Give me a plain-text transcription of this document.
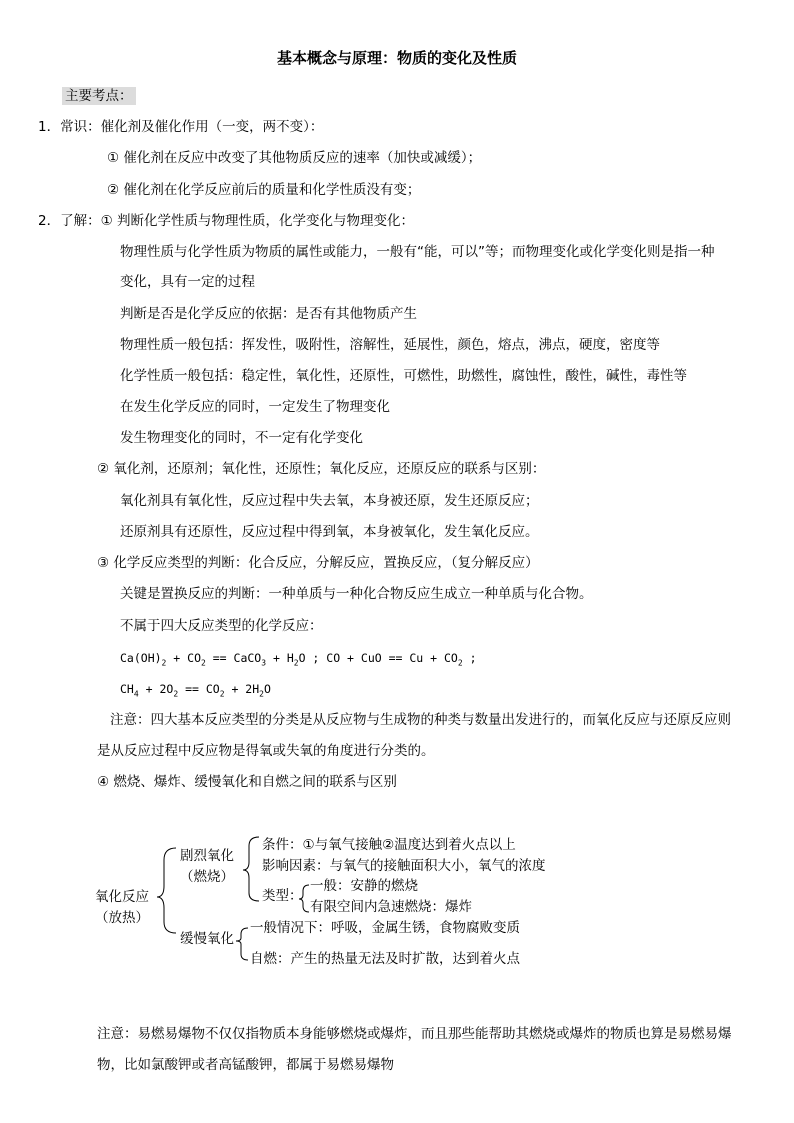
基本概念与原理：物质的变化及性质
主要考点：
1．常识：催化剂及催化作用（一变，两不变）：
① 催化剂在反应中改变了其他物质反应的速率（加快或减缓）；
② 催化剂在化学反应前后的质量和化学性质没有变；
2．了解：① 判断化学性质与物理性质，化学变化与物理变化：
物理性质与化学性质为物质的属性或能力，一般有“能，可以”等；而物理变化或化学变化则是指一种
变化，具有一定的过程
判断是否是化学反应的依据：是否有其他物质产生
物理性质一般包括：挥发性，吸附性，溶解性，延展性，颜色，熔点，沸点，硬度，密度等
化学性质一般包括：稳定性，氧化性，还原性，可燃性，助燃性，腐蚀性，酸性，碱性，毒性等
在发生化学反应的同时，一定发生了物理变化
发生物理变化的同时，不一定有化学变化
② 氧化剂，还原剂；氧化性，还原性；氧化反应，还原反应的联系与区别：
氧化剂具有氧化性，反应过程中失去氧，本身被还原，发生还原反应；
还原剂具有还原性，反应过程中得到氧，本身被氧化，发生氧化反应。
③ 化学反应类型的判断：化合反应，分解反应，置换反应，（复分解反应）
关键是置换反应的判断：一种单质与一种化合物反应生成立一种单质与化合物。
不属于四大反应类型的化学反应：
$Ca(OH)_2 + CO_2$ == CaCO$_3$ + $H_2O$ ; CO + CuO == $Cu + CO_2$ ;
$CH_4 + 2O_2 == CO_2 + 2H_2O$
注意：四大基本反应类型的分类是从反应物与生成物的种类与数量出发进行的，而氧化反应与还原反应则
是从反应过程中反应物是得氧或失氧的角度进行分类的。
④ 燃烧、爆炸、缓慢氧化和自燃之间的联系与区别
氧化反应
（放热）
剧烈氧化
（燃烧）
条件：①与氧气接触②温度达到着火点以上
影响因素：与氧气的接触面积大小，氧气的浓度
类型：
一般：安静的燃烧
有限空间内急速燃烧：爆炸
缓慢氧化
一般情况下：呼吸，金属生锈，食物腐败变质
自燃：产生的热量无法及时扩散，达到着火点
注意：易燃易爆物不仅仅指物质本身能够燃烧或爆炸，而且那些能帮助其燃烧或爆炸的物质也算是易燃易爆
物，比如氯酸钾或者高锰酸钾，都属于易燃易爆物
